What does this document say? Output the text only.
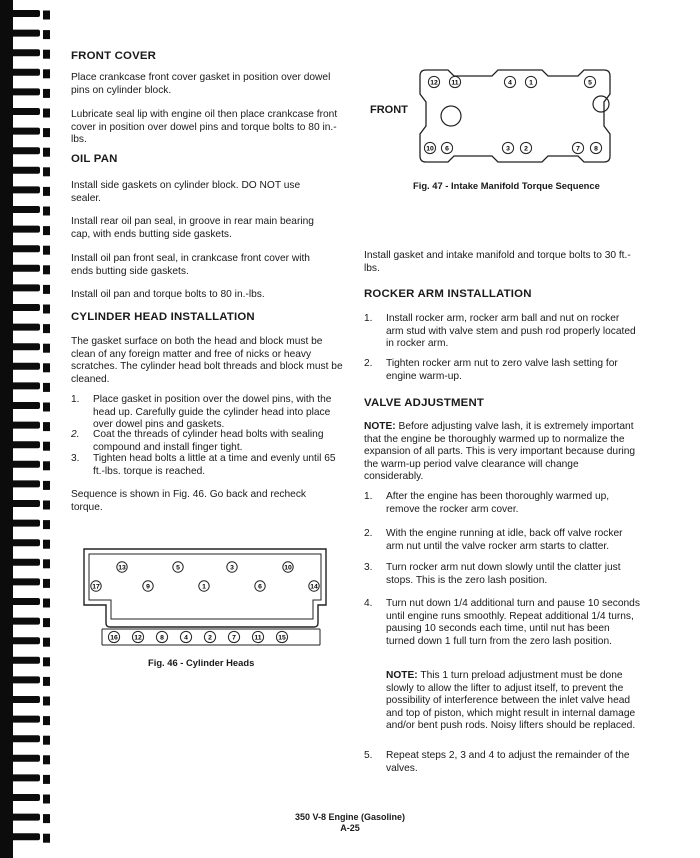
FRONT COVER

Place crankcase front cover gasket in position over dowel pins on cylinder block.

Lubricate seal lip with engine oil then place crankcase front cover in position over dowel pins and torque bolts to 80 in.-lbs.

OIL PAN

Install side gaskets on cylinder block. DO NOT use sealer.

Install rear oil pan seal, in groove in rear main bearing cap, with ends butting side gaskets.

Install oil pan front seal, in crankcase front cover with ends butting side gaskets.

Install oil pan and torque bolts to 80 in.-lbs.

CYLINDER HEAD INSTALLATION

The gasket surface on both the head and block must be clean of any foreign matter and free of nicks or heavy scratches. The cylinder head bolt threads and block must be cleaned.

1.	Place gasket in position over the dowel pins, with the head up. Carefully guide the cylinder head into place over dowel pins and gaskets.
2.	Coat the threads of cylinder head bolts with sealing compound and install finger tight.
3.	Tighten head bolts a little at a time and evenly until 65 ft.-lbs. torque is reached.

Sequence is shown in Fig. 46. Go back and recheck torque.

13	5	3	10
17	9	1	6	14
16 12	8	4	2	7	11 15
Fig. 46 - Cylinder Heads

Install gasket and intake manifold and torque bolts to 30 ft.-lbs.

ROCKER ARM INSTALLATION
1.	Install rocker arm, rocker arm ball and nut on rocker arm stud with valve stem and push rod properly located in rocker arm.
2.	Tighten rocker arm nut to zero valve lash setting for engine warm-up.
VALVE ADJUSTMENT

NOTE: Before adjusting valve lash, it is extremely important that the engine be thoroughly warmed up to normalize the expansion of all parts. This is very important because during the warm-up period valve clearance will change considerably.

1.	After the engine has been thoroughly warmed up, remove the rocker arm cover.
2.	With the engine running at idle, back off valve rocker arm nut until the valve rocker arm starts to clatter.
3.	Turn rocker arm nut down slowly until the clatter just stops. This is the zero lash position.
4.	Turn nut down 1/4 additional turn and pause 10 seconds until engine runs smoothly. Repeat additional 1/4 turns, pausing 10 seconds each time, until nut has been turned down 1 full turn from the zero lash position.

NOTE: This 1 turn preload adjustment must be done slowly to allow the lifter to adjust itself, to prevent the possibility of interference between the inlet valve head and top of piston, which might result in internal damage and/or bent push rods. Noisy lifters should be replaced.

5.	Repeat steps 2, 3 and 4 to adjust the remainder of the valves.
FRONT
12 11	4	1	5
10 6	3 2	7 8
Fig. 47 - Intake Manifold Torque Sequence
350 V-8 Engine (Gasoline)
A-25
